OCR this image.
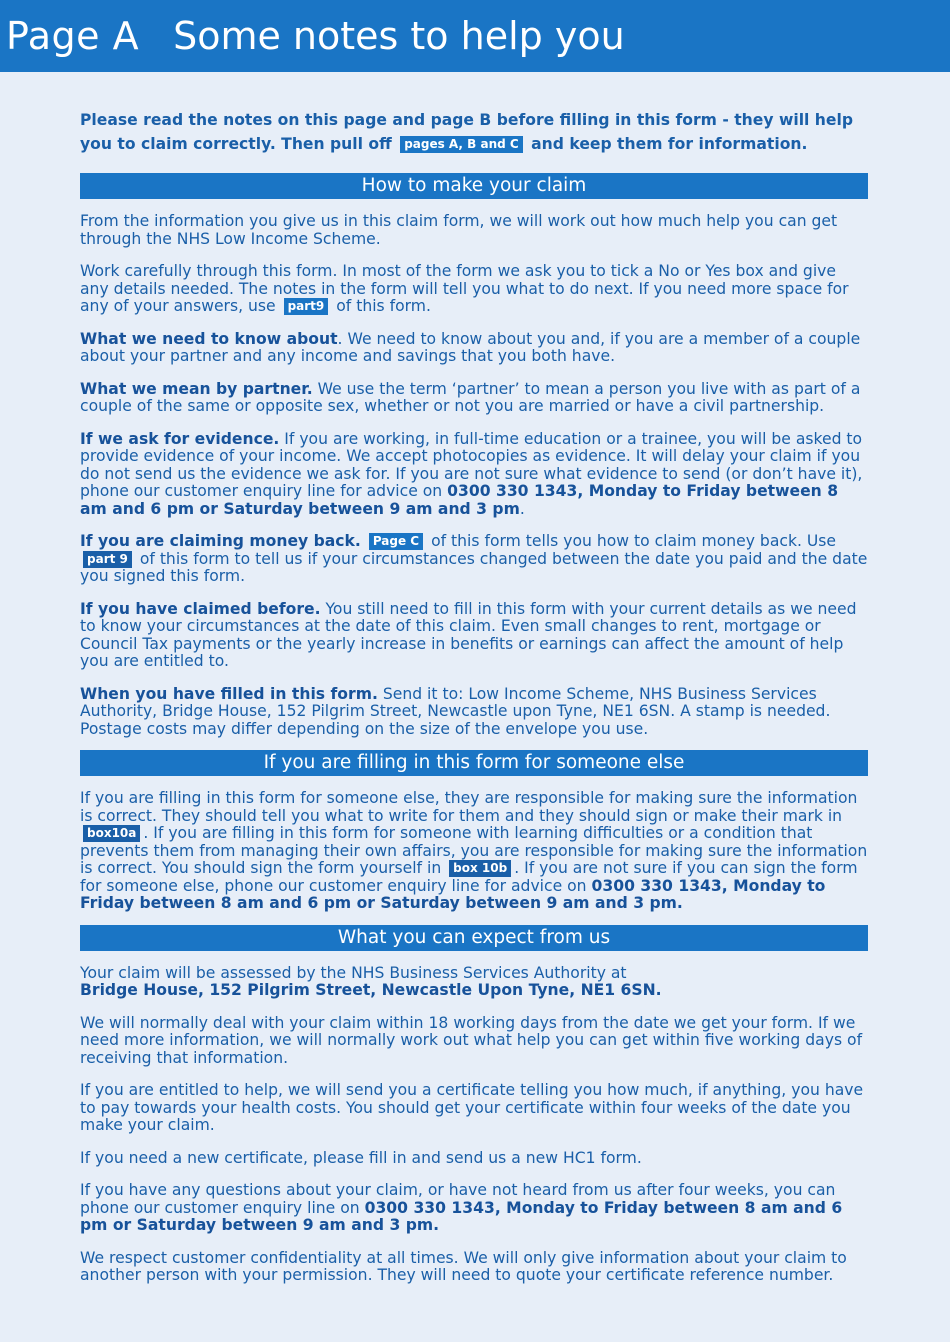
Page A Some notes to help you

Please read the notes on this page and page B before filling in this form - they will help you to claim correctly. Then pull off pages A, B and C and keep them for information.

How to make your claim

From the information you give us in this claim form, we will work out how much help you can get through the NHS Low Income Scheme.

Work carefully through this form. In most of the form we ask you to tick a No or Yes box and give any details needed. The notes in the form will tell you what to do next. If you need more space for any of your answers, use part9 of this form.

What we need to know about. We need to know about you and, if you are a member of a couple about your partner and any income and savings that you both have.

What we mean by partner. We use the term ‘partner’ to mean a person you live with as part of a couple of the same or opposite sex, whether or not you are married or have a civil partnership.

If we ask for evidence. If you are working, in full-time education or a trainee, you will be asked to provide evidence of your income. We accept photocopies as evidence. It will delay your claim if you do not send us the evidence we ask for. If you are not sure what evidence to send (or don’t have it), phone our customer enquiry line for advice on 0300 330 1343, Monday to Friday between 8 am and 6 pm or Saturday between 9 am and 3 pm.

If you are claiming money back. Page C of this form tells you how to claim money back. Use part 9 of this form to tell us if your circumstances changed between the date you paid and the date you signed this form.

If you have claimed before. You still need to fill in this form with your current details as we need to know your circumstances at the date of this claim. Even small changes to rent, mortgage or Council Tax payments or the yearly increase in benefits or earnings can affect the amount of help you are entitled to.

When you have filled in this form. Send it to: Low Income Scheme, NHS Business Services Authority, Bridge House, 152 Pilgrim Street, Newcastle upon Tyne, NE1 6SN. A stamp is needed. Postage costs may differ depending on the size of the envelope you use.

If you are filling in this form for someone else

If you are filling in this form for someone else, they are responsible for making sure the information is correct. They should tell you what to write for them and they should sign or make their mark in box10a . If you are filling in this form for someone with learning difficulties or a condition that prevents them from managing their own affairs, you are responsible for making sure the information is correct. You should sign the form yourself in box 10b . If you are not sure if you can sign the form for someone else, phone our customer enquiry line for advice on 0300 330 1343, Monday to Friday between 8 am and 6 pm or Saturday between 9 am and 3 pm.

What you can expect from us

Your claim will be assessed by the NHS Business Services Authority at
Bridge House, 152 Pilgrim Street, Newcastle Upon Tyne, NE1 6SN.

We will normally deal with your claim within 18 working days from the date we get your form. If we need more information, we will normally work out what help you can get within five working days of receiving that information.

If you are entitled to help, we will send you a certificate telling you how much, if anything, you have to pay towards your health costs. You should get your certificate within four weeks of the date you make your claim.

If you need a new certificate, please fill in and send us a new HC1 form.

If you have any questions about your claim, or have not heard from us after four weeks, you can phone our customer enquiry line on 0300 330 1343, Monday to Friday between 8 am and 6 pm or Saturday between 9 am and 3 pm.

We respect customer confidentiality at all times. We will only give information about your claim to another person with your permission. They will need to quote your certificate reference number.
